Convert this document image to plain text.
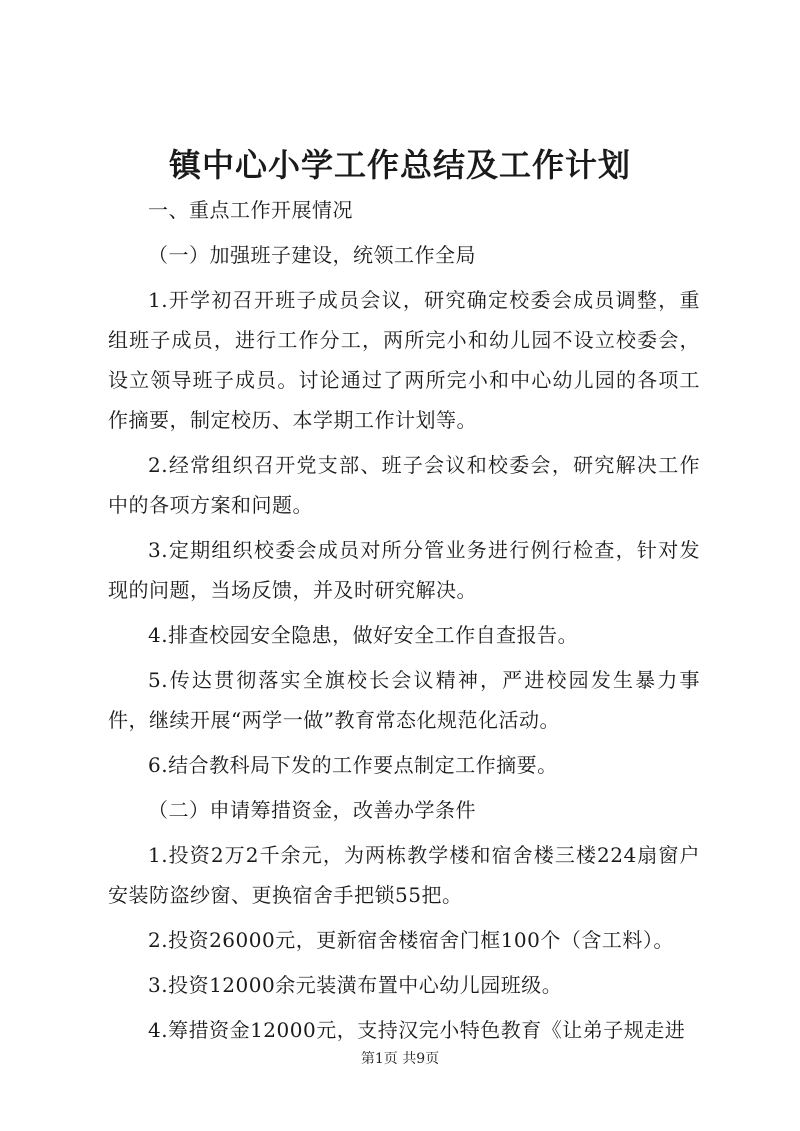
镇中心小学工作总结及工作计划

一、重点工作开展情况

（一）加强班子建设，统领工作全局

1.开学初召开班子成员会议，研究确定校委会成员调整，重组班子成员，进行工作分工，两所完小和幼儿园不设立校委会，设立领导班子成员。讨论通过了两所完小和中心幼儿园的各项工作摘要，制定校历、本学期工作计划等。

2.经常组织召开党支部、班子会议和校委会，研究解决工作中的各项方案和问题。

3.定期组织校委会成员对所分管业务进行例行检查，针对发现的问题，当场反馈，并及时研究解决。

4.排查校园安全隐患，做好安全工作自查报告。

5.传达贯彻落实全旗校长会议精神，严进校园发生暴力事件，继续开展“两学一做”教育常态化规范化活动。

6.结合教科局下发的工作要点制定工作摘要。

（二）申请筹措资金，改善办学条件

1.投资2万2千余元，为两栋教学楼和宿舍楼三楼224扇窗户安装防盗纱窗、更换宿舍手把锁55把。

2.投资26000元，更新宿舍楼宿舍门框100个（含工料）。

3.投资12000余元装潢布置中心幼儿园班级。

4.筹措资金12000元，支持汉完小特色教育《让弟子规走进

第1页 共9页
